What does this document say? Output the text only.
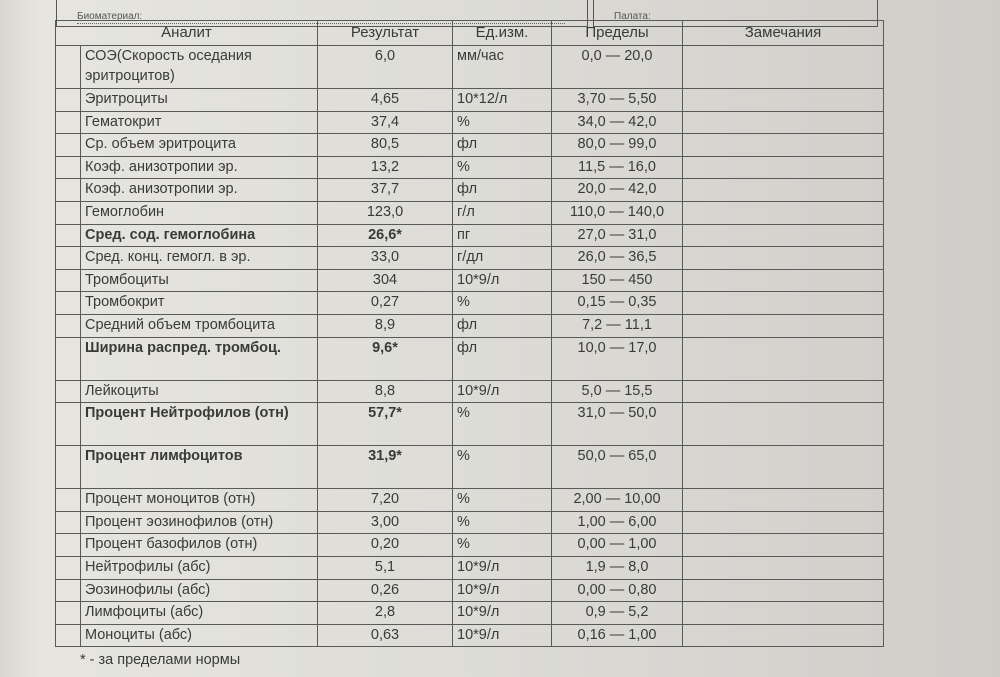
Биоматериал:	Палата:
Аналит		Результат	Ед.изм.	Пределы	Замечания
	СОЭ(Скорость оседания эритроцитов)	6,0	мм/час	0,0 — 20,0	
	Эритроциты	4,65	10*12/л	3,70 — 5,50	
	Гематокрит	37,4	%	34,0 — 42,0	
	Ср. объем эритроцита	80,5	фл	80,0 — 99,0	
	Коэф. анизотропии эр.	13,2	%	11,5 — 16,0	
	Коэф. анизотропии эр.	37,7	фл	20,0 — 42,0	
	Гемоглобин	123,0	г/л	110,0 — 140,0	
	Сред. сод. гемоглобина	26,6*	пг	27,0 — 31,0	
	Сред. конц. гемогл. в эр.	33,0	г/дл	26,0 — 36,5	
	Тромбоциты	304	10*9/л	150 — 450	
	Тромбокрит	0,27	%	0,15 — 0,35	
	Средний объем тромбоцита	8,9	фл	7,2 — 11,1	
	Ширина распред. тромбоц.	9,6*	фл	10,0 — 17,0	
	Лейкоциты	8,8	10*9/л	5,0 — 15,5	
	Процент Нейтрофилов (отн)	57,7*	%	31,0 — 50,0	
	Процент лимфоцитов	31,9*	%	50,0 — 65,0	
	Процент моноцитов (отн)	7,20	%	2,00 — 10,00	
	Процент эозинофилов (отн)	3,00	%	1,00 — 6,00	
	Процент базофилов (отн)	0,20	%	0,00 — 1,00	
	Нейтрофилы (абс)	5,1	10*9/л	1,9 — 8,0	
	Эозинофилы (абс)	0,26	10*9/л	0,00 — 0,80	
	Лимфоциты (абс)	2,8	10*9/л	0,9 — 5,2	
	Моноциты (абс)	0,63	10*9/л	0,16 — 1,00	
* - за пределами нормы
